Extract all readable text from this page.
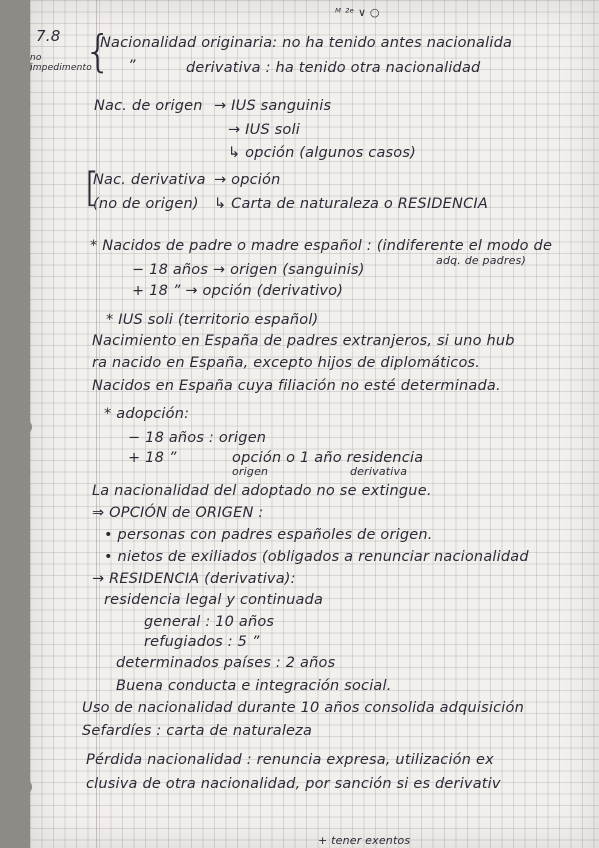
ᴹ ²ᵉ ∨ ○
7.8
no
impedimento
{
Nacionalidad originaria: no ha tenido antes nacionalida
”	derivativa : ha tenido otra nacionalidad
Nac. de origen → IUS sanguinis
→ IUS soli
↳ opción (algunos casos)
[
Nac. derivativa → opción
(no de origen) ↳ Carta de naturaleza o RESIDENCIA
* Nacidos de padre o madre español : (indiferente el modo de
adq. de padres)
− 18 años → origen (sanguinis)
+ 18 ” → opción (derivativo)
* IUS soli (territorio español)
Nacimiento en España de padres extranjeros, si uno hub
ra nacido en España, excepto hijos de diplomáticos.
Nacidos en España cuya filiación no esté determinada.
* adopción:
− 18 años : origen
+ 18 ”	opción o 1 año residencia
origen	derivativa
La nacionalidad del adoptado no se extingue.
⇒ OPCIÓN de ORIGEN :
• personas con padres españoles de origen.
• nietos de exiliados (obligados a renunciar nacionalidad
→ RESIDENCIA (derivativa):
residencia legal y continuada
general : 10 años
refugiados : 5 ”
determinados países : 2 años
Buena conducta e integración social.
Uso de nacionalidad durante 10 años consolida adquisición
Sefardíes : carta de naturaleza
Pérdida nacionalidad : renuncia expresa, utilización ex
clusiva de otra nacionalidad, por sanción si es derivativ
+ tener exentos
